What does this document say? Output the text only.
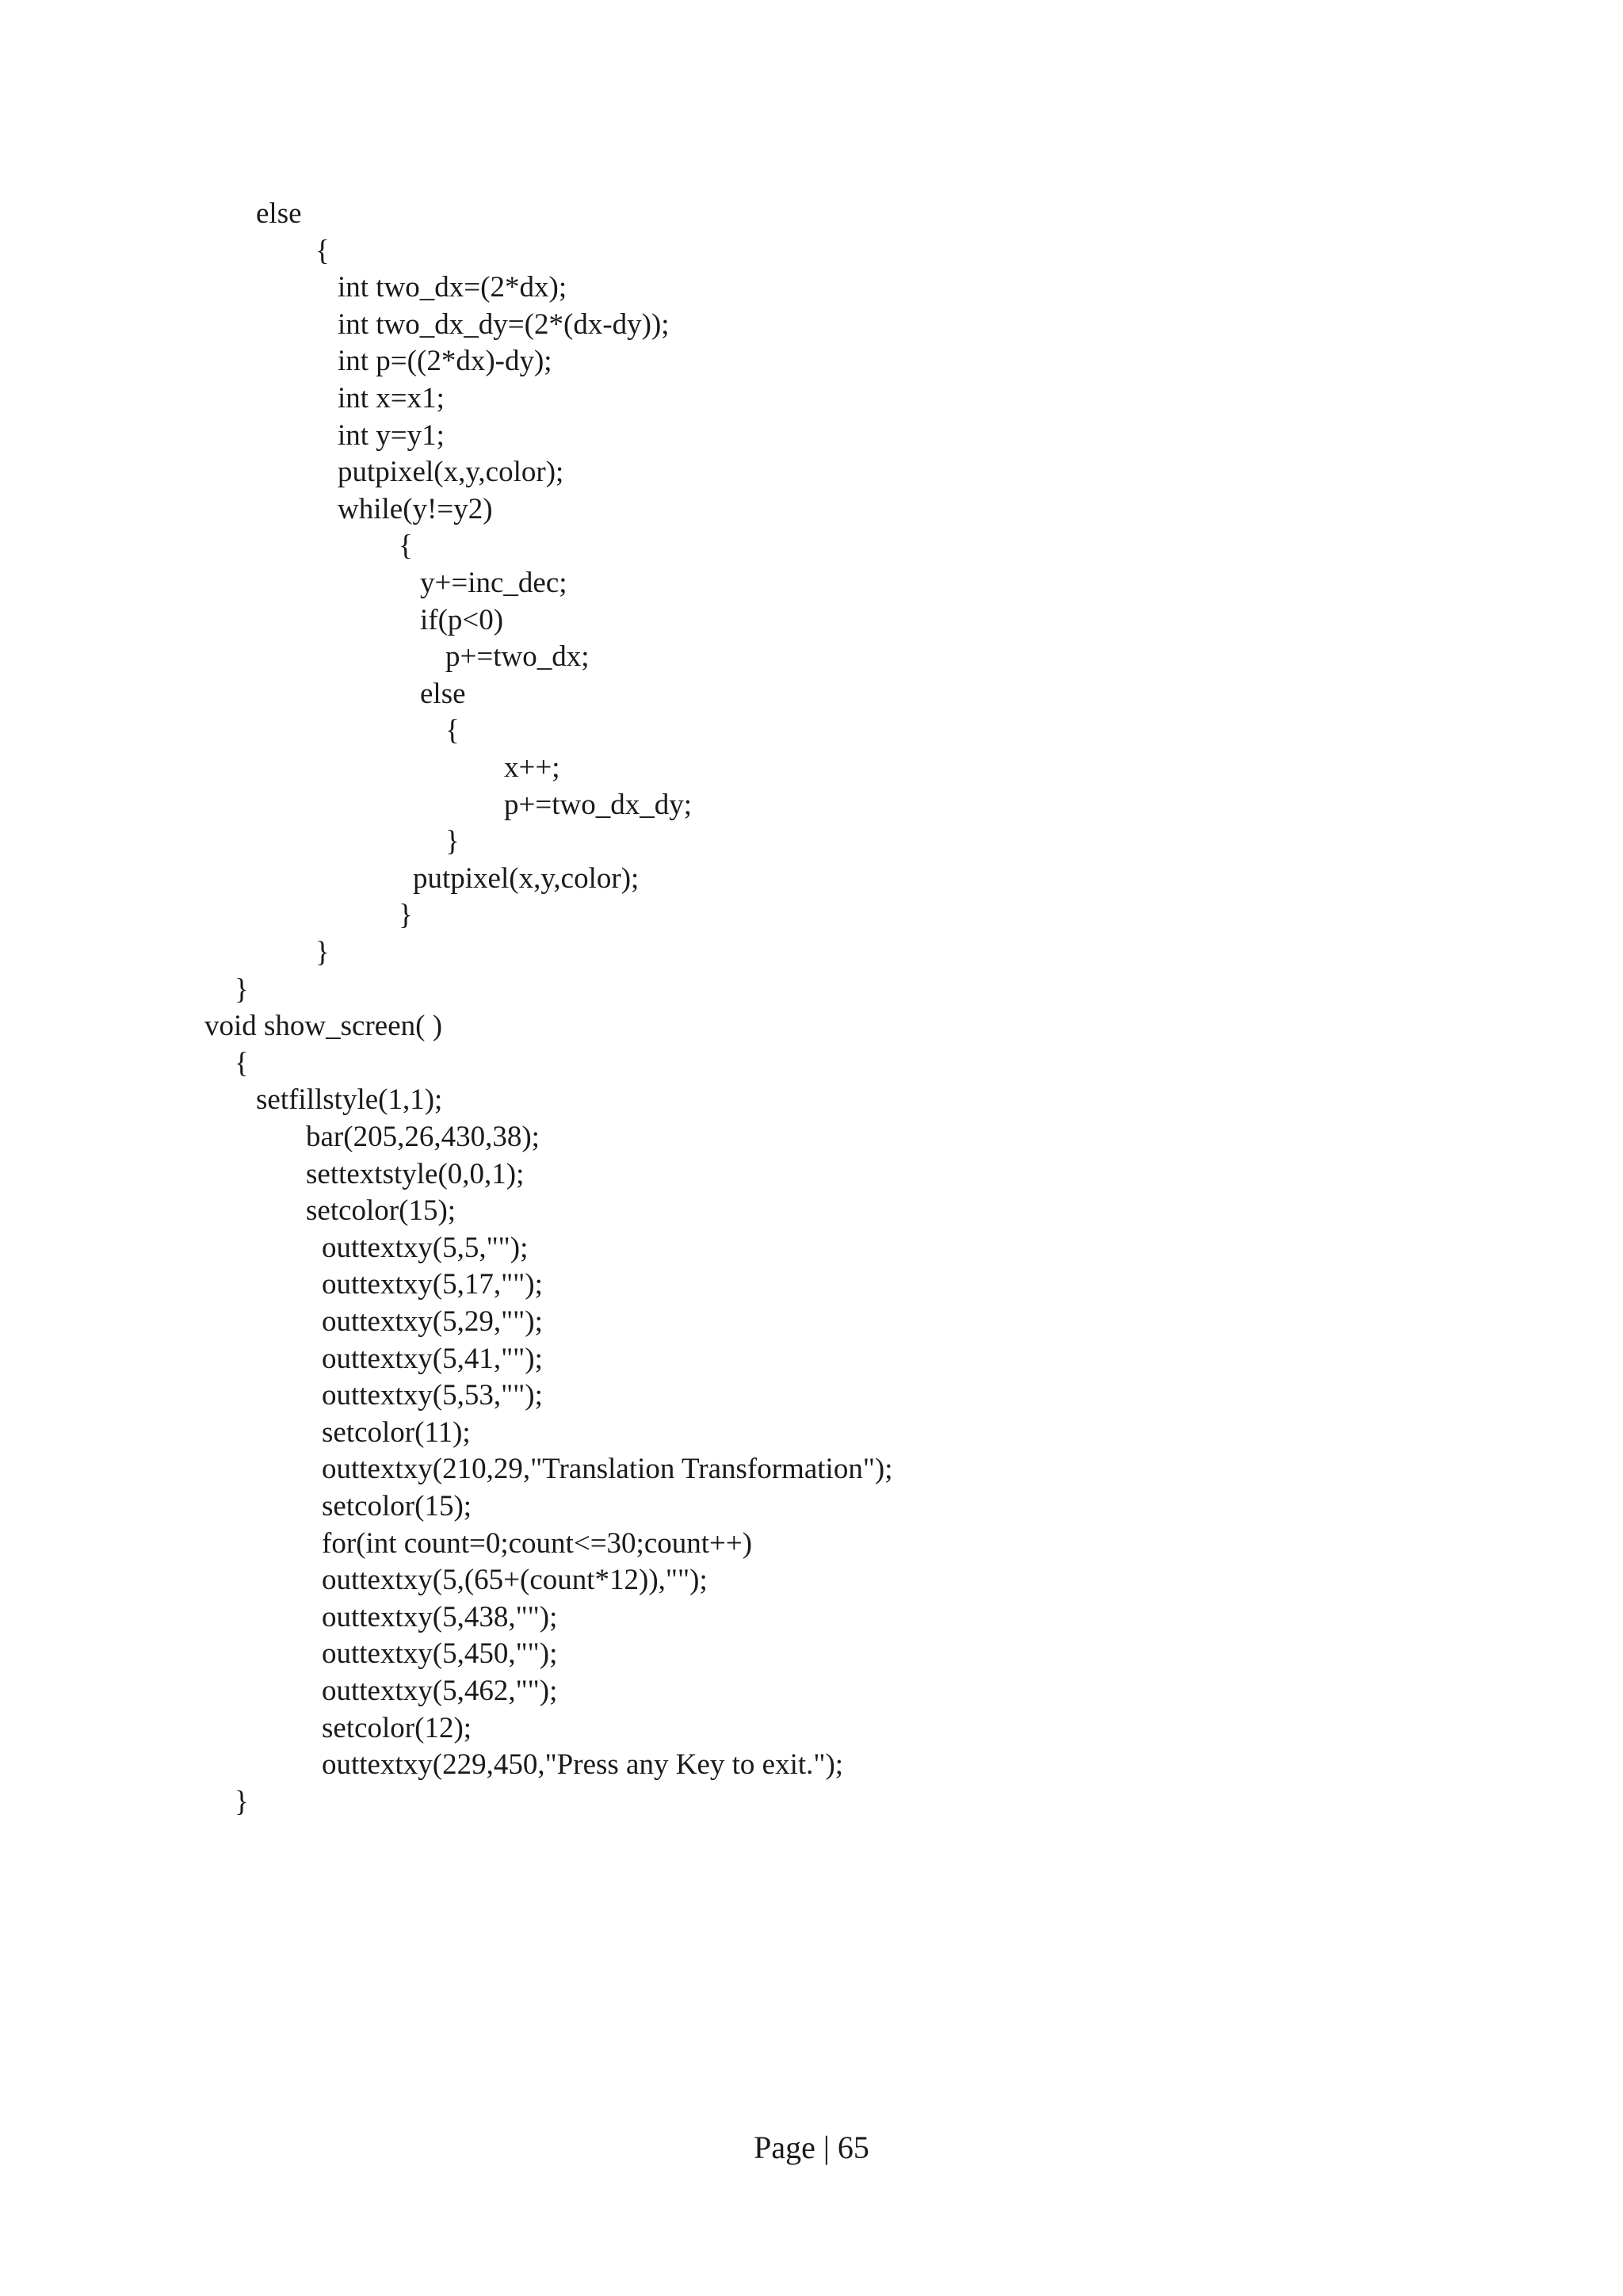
else
{
int two_dx=(2*dx);
int two_dx_dy=(2*(dx-dy));
int p=((2*dx)-dy);
int x=x1;
int y=y1;
putpixel(x,y,color);
while(y!=y2)
{
y+=inc_dec;
if(p<0)
p+=two_dx;
else
{
x++;
p+=two_dx_dy;
}
putpixel(x,y,color);
}
}
}
void show_screen( )
{
setfillstyle(1,1);
bar(205,26,430,38);
settextstyle(0,0,1);
setcolor(15);
outtextxy(5,5,"");
outtextxy(5,17,"");
outtextxy(5,29,"");
outtextxy(5,41,"");
outtextxy(5,53,"");
setcolor(11);
outtextxy(210,29,"Translation Transformation");
setcolor(15);
for(int count=0;count<=30;count++)
outtextxy(5,(65+(count*12)),"");
outtextxy(5,438,"");
outtextxy(5,450,"");
outtextxy(5,462,"");
setcolor(12);
outtextxy(229,450,"Press any Key to exit.");
}
Page | 65
